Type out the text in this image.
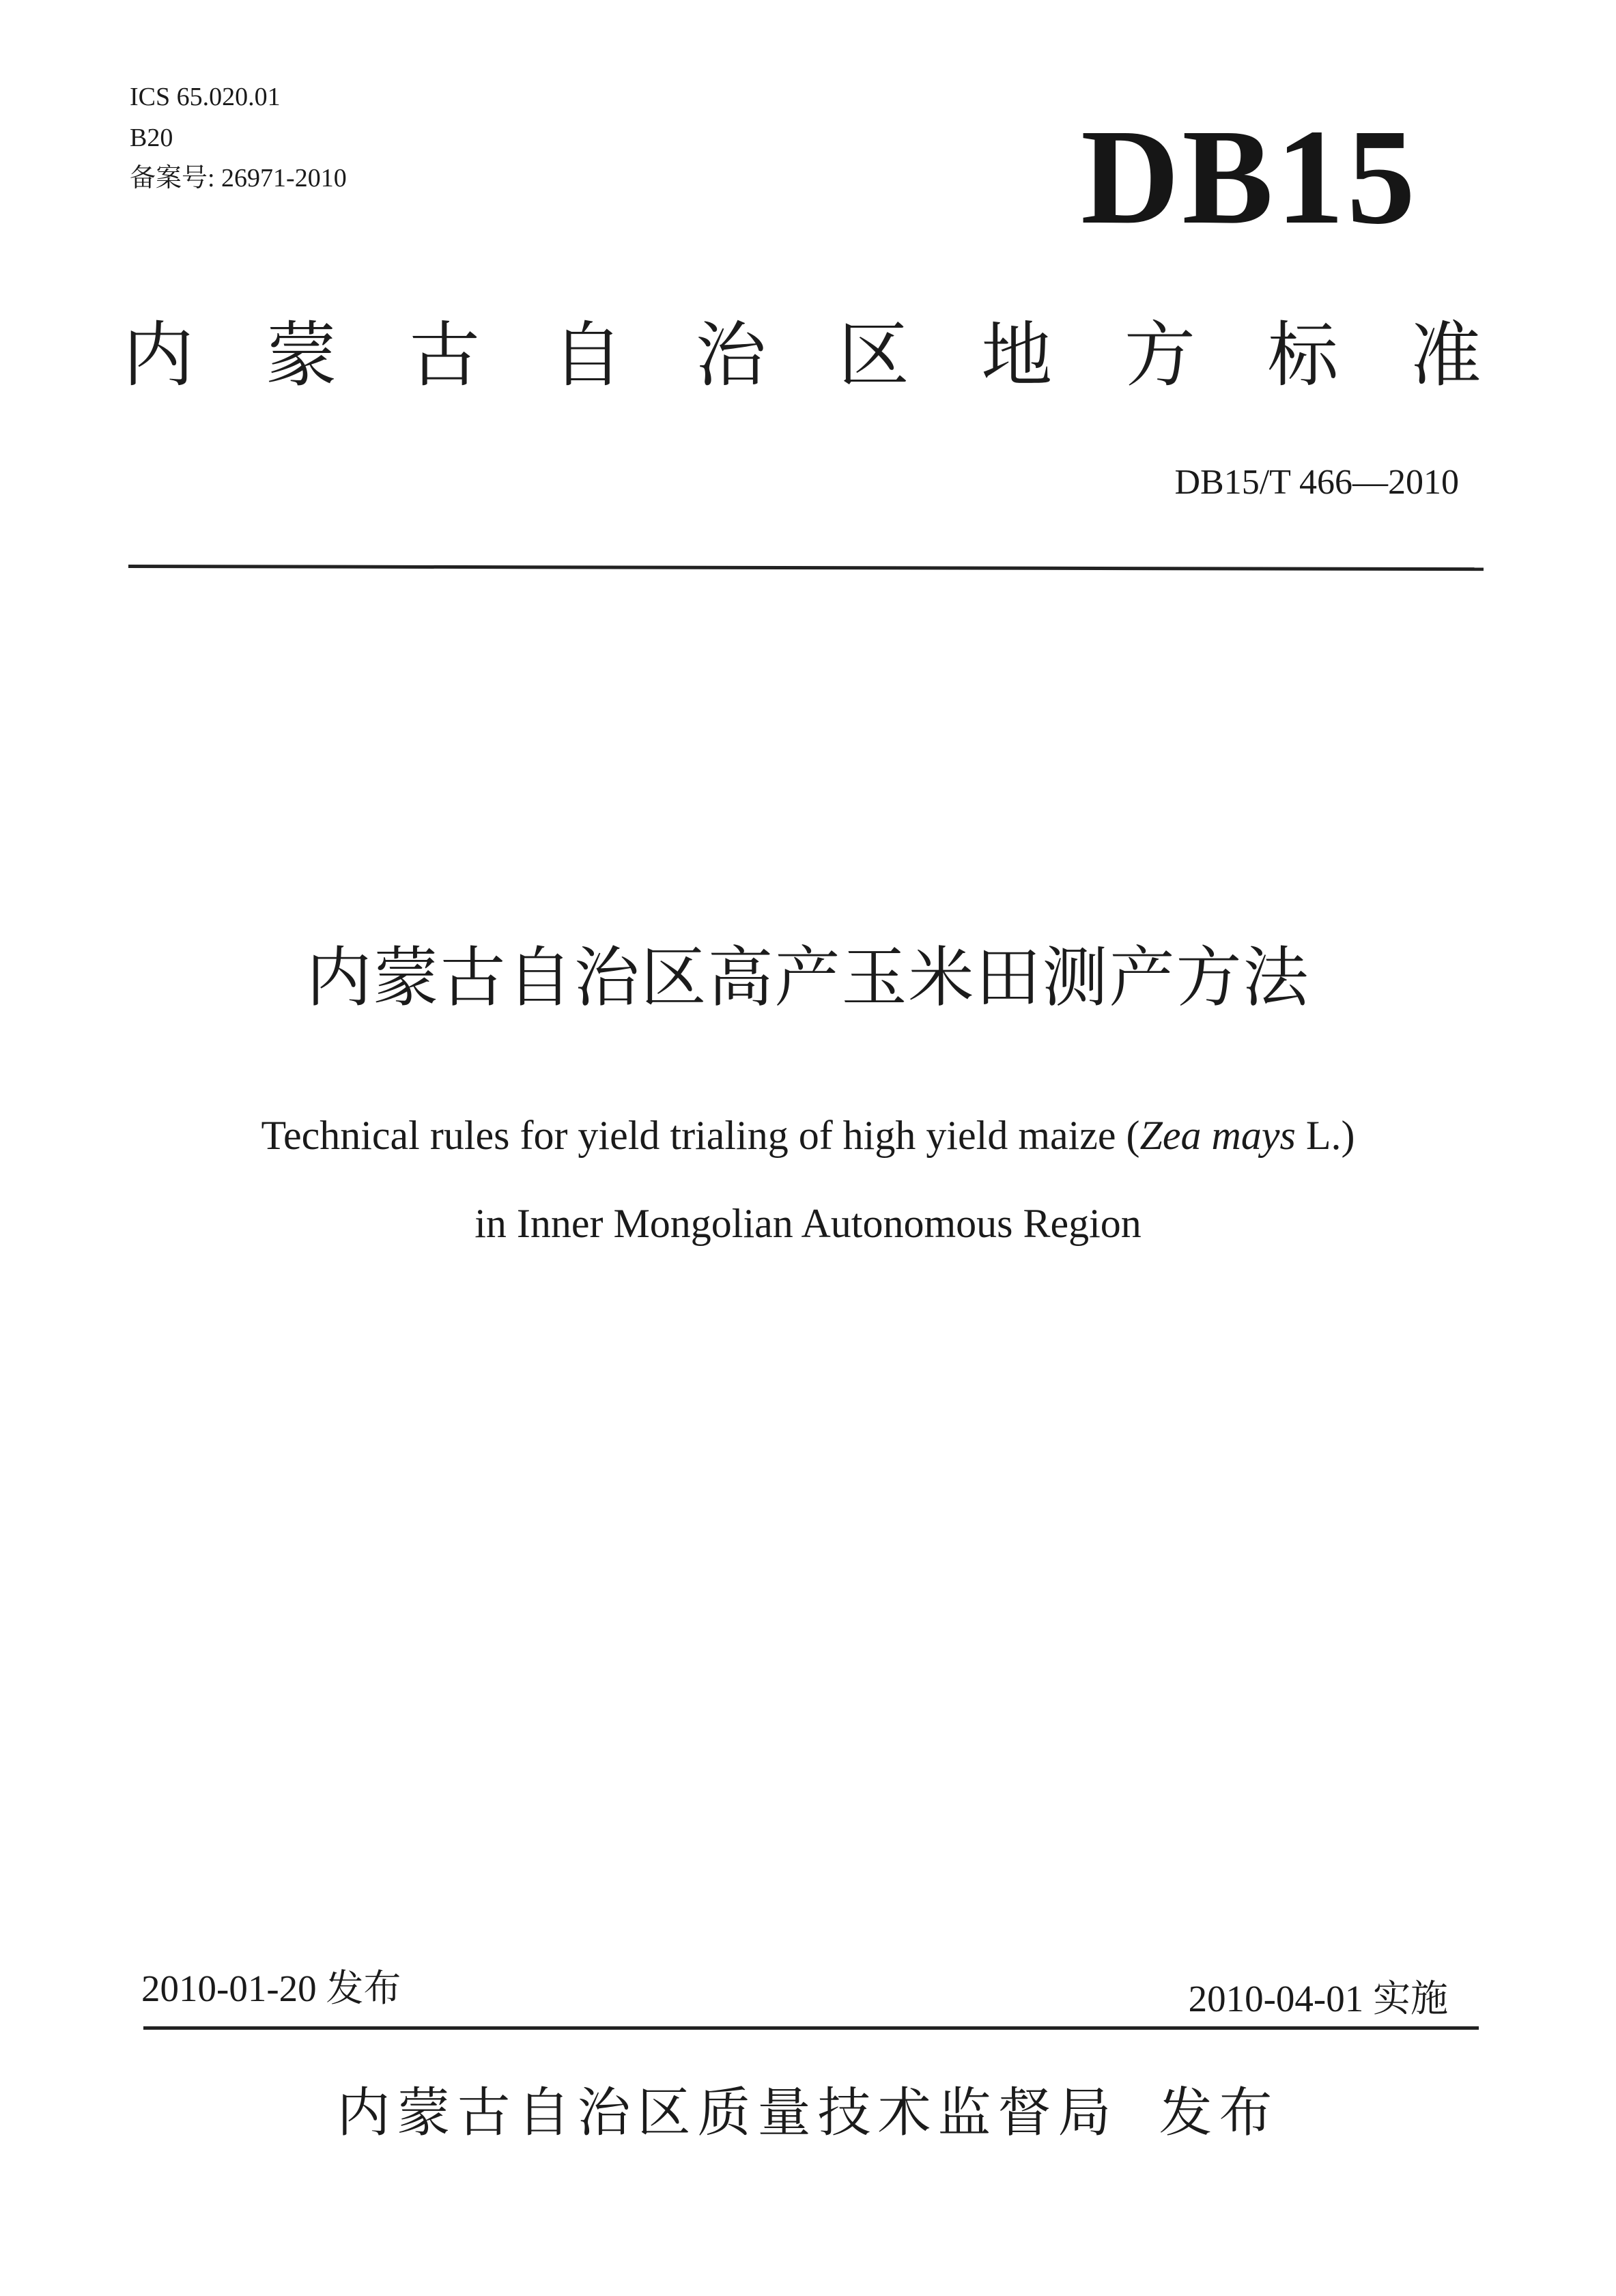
ICS 65.020.01
B20
备案号: 26971-2010	DB15
内 蒙 古 自 治 区 地 方 标 准
DB15/T 466—2010
内蒙古自治区高产玉米田测产方法
Technical rules for yield trialing of high yield maize (Zea mays L.)
in Inner Mongolian Autonomous Region
2010-01-20 发布	2010-04-01 实施
内蒙古自治区质量技术监督局 发布
